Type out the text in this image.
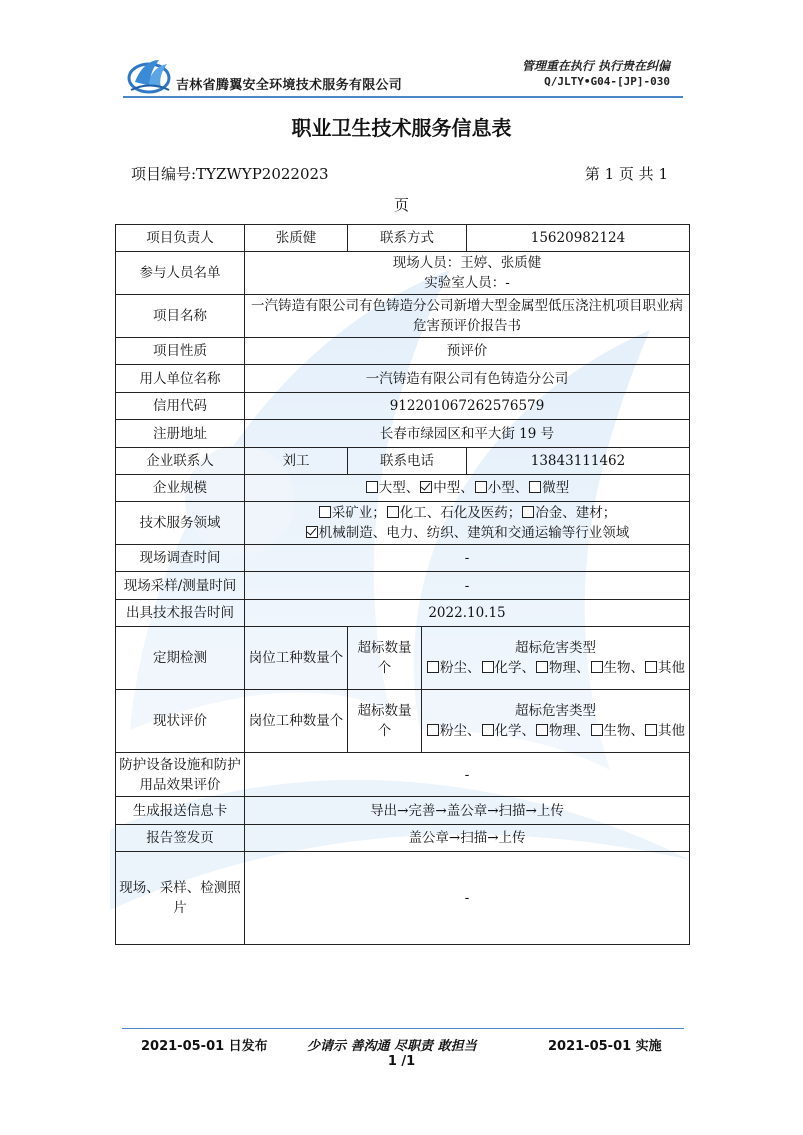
吉林省腾翼安全环境技术服务有限公司
管理重在执行 执行贵在纠偏
Q/JLTY•G04-[JP]-030
职业卫生技术服务信息表
项目编号:TYZWYP2022023	第 1 页 共 1
页
项目负责人	张质健	联系方式		15620982124
参与人员名单	现场人员：王婷、张质健
实验室人员：-			

项目名称	一汽铸造有限公司有色铸造分公司新增大型金属型低压浇注机项目职业病危害预评价报告书			
项目性质	预评价			
用人单位名称	一汽铸造有限公司有色铸造分公司			
信用代码	912201067262576579			
注册地址	长春市绿园区和平大街 19 号			
企业联系人	刘工	联系电话		13843111462
企业规模	大型、 中型、 小型、 微型			
技术服务领域	采矿业； 化工、石化及医药； 冶金、建材；
机械制造、电力、纺织、建筑和交通运输等行业领域			

现场调查时间	-			
现场采样/测量时间	-			
出具技术报告时间	2022.10.15			
定期检测	岗位工种数量个	超标数量个	超标危害类型
粉尘、 化学、 物理、 生物、 其他	

现状评价	岗位工种数量个	超标数量个	超标危害类型
粉尘、 化学、 物理、 生物、 其他	

防护设备设施和防护用品效果评价	-			
生成报送信息卡	导出→完善→盖公章→扫描→上传			
报告签发页	盖公章→扫描→上传			
现场、采样、检测照片	-			
2021-05-01 日发布	少请示 善沟通 尽职责 敢担当	2021-05-01 实施
1 /1
